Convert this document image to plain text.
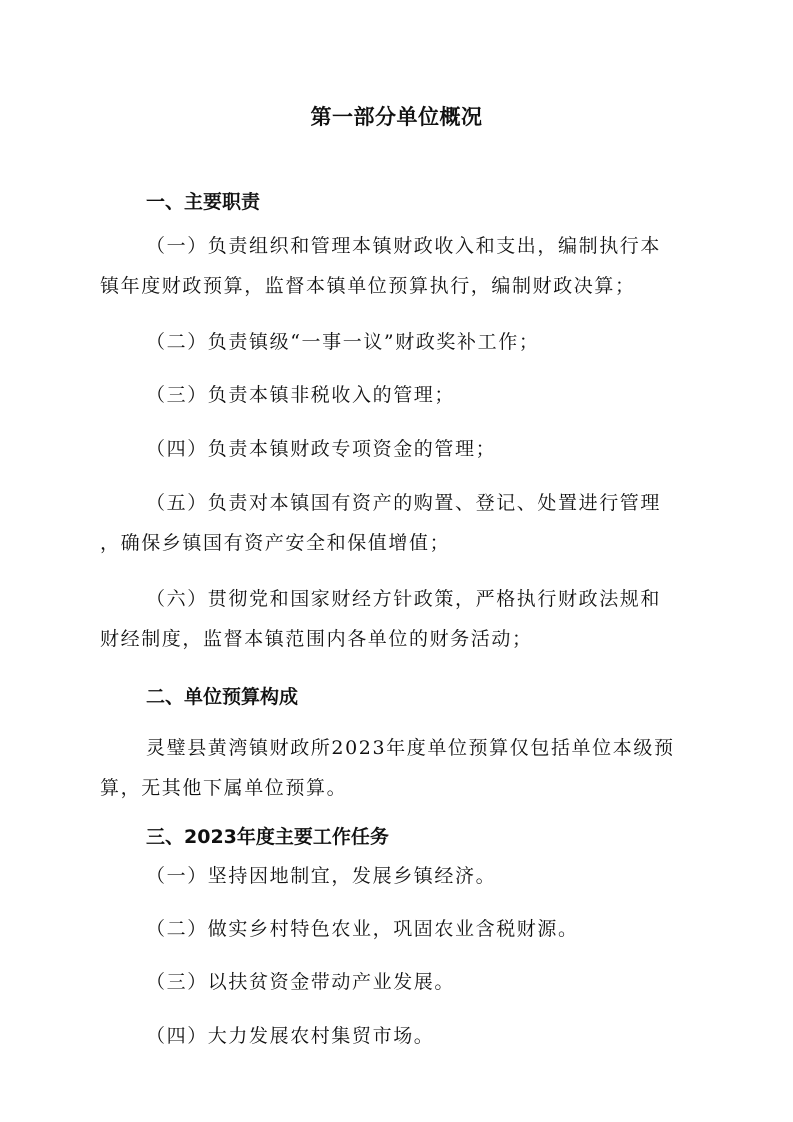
第一部分单位概况
一、主要职责
（一）负责组织和管理本镇财政收入和支出，编制执行本
镇年度财政预算，监督本镇单位预算执行，编制财政决算；
（二）负责镇级“一事一议”财政奖补工作；
（三）负责本镇非税收入的管理；
（四）负责本镇财政专项资金的管理；
（五）负责对本镇国有资产的购置、登记、处置进行管理
，确保乡镇国有资产安全和保值增值；
（六）贯彻党和国家财经方针政策，严格执行财政法规和
财经制度，监督本镇范围内各单位的财务活动；
二、单位预算构成
灵璧县黄湾镇财政所2023年度单位预算仅包括单位本级预
算，无其他下属单位预算。
三、2023年度主要工作任务
（一）坚持因地制宜，发展乡镇经济。
（二）做实乡村特色农业，巩固农业含税财源。
（三）以扶贫资金带动产业发展。
（四）大力发展农村集贸市场。
